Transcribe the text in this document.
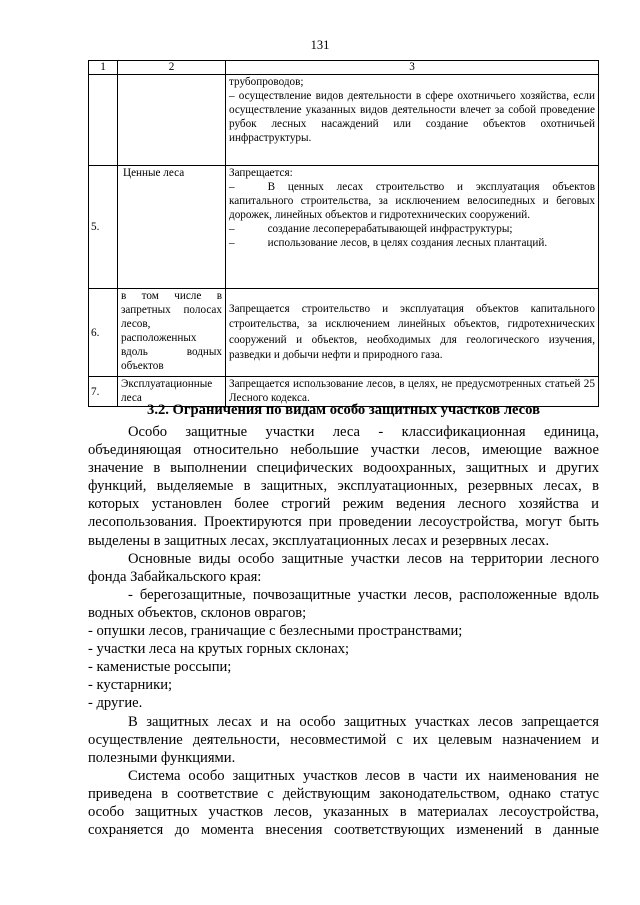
131
1	2	3

		трубопроводов;
– осуществление видов деятельности в сфере охотничьего хозяйства, если осуществление указанных видов деятельности влечет за собой проведение рубок лесных насаждений или создание объектов охотничьей инфраструктуры.

5.	Ценные леса	Запрещается:
– В ценных лесах строительство и эксплуатация объектов капитального строительства, за исключением велосипедных и беговых дорожек, линейных объектов и гидротехнических сооружений.
– создание лесоперерабатывающей инфраструктуры;
– использование лесов, в целях создания лесных плантаций.

6.	в том числе в запретных полосах лесов, расположенных вдоль водных объектов	Запрещается строительство и эксплуатация объектов капитального строительства, за исключением линейных объектов, гидротехнических сооружений и объектов, необходимых для геологического изучения, разведки и добычи нефти и природного газа.
7.	Эксплуатационные леса	Запрещается использование лесов, в целях, не предусмотренных статьей 25 Лесного кодекса.
3.2. Ограничения по видам особо защитных участков лесов

Особо защитные участки леса - классификационная единица, объединяющая относительно небольшие участки лесов, имеющие важное значение в выполнении специфических водоохранных, защитных и других функций, выделяемые в защитных, эксплуатационных, резервных лесах, в которых установлен более строгий режим ведения лесного хозяйства и лесопользования. Проектируются при проведении лесоустройства, могут быть выделены в защитных лесах, эксплуатационных лесах и резервных лесах.

Основные виды особо защитные участки лесов на территории лесного фонда Забайкальского края:

- берегозащитные, почвозащитные участки лесов, расположенные вдоль водных объектов, склонов оврагов;

- опушки лесов, граничащие с безлесными пространствами;

- участки леса на крутых горных склонах;

- каменистые россыпи;

- кустарники;

- другие.

В защитных лесах и на особо защитных участках лесов запрещается осуществление деятельности, несовместимой с их целевым назначением и полезными функциями.

Система особо защитных участков лесов в части их наименования не приведена в соответствие с действующим законодательством, однако статус особо защитных участков лесов, указанных в материалах лесоустройства, сохраняется до момента внесения соответствующих изменений в данные
